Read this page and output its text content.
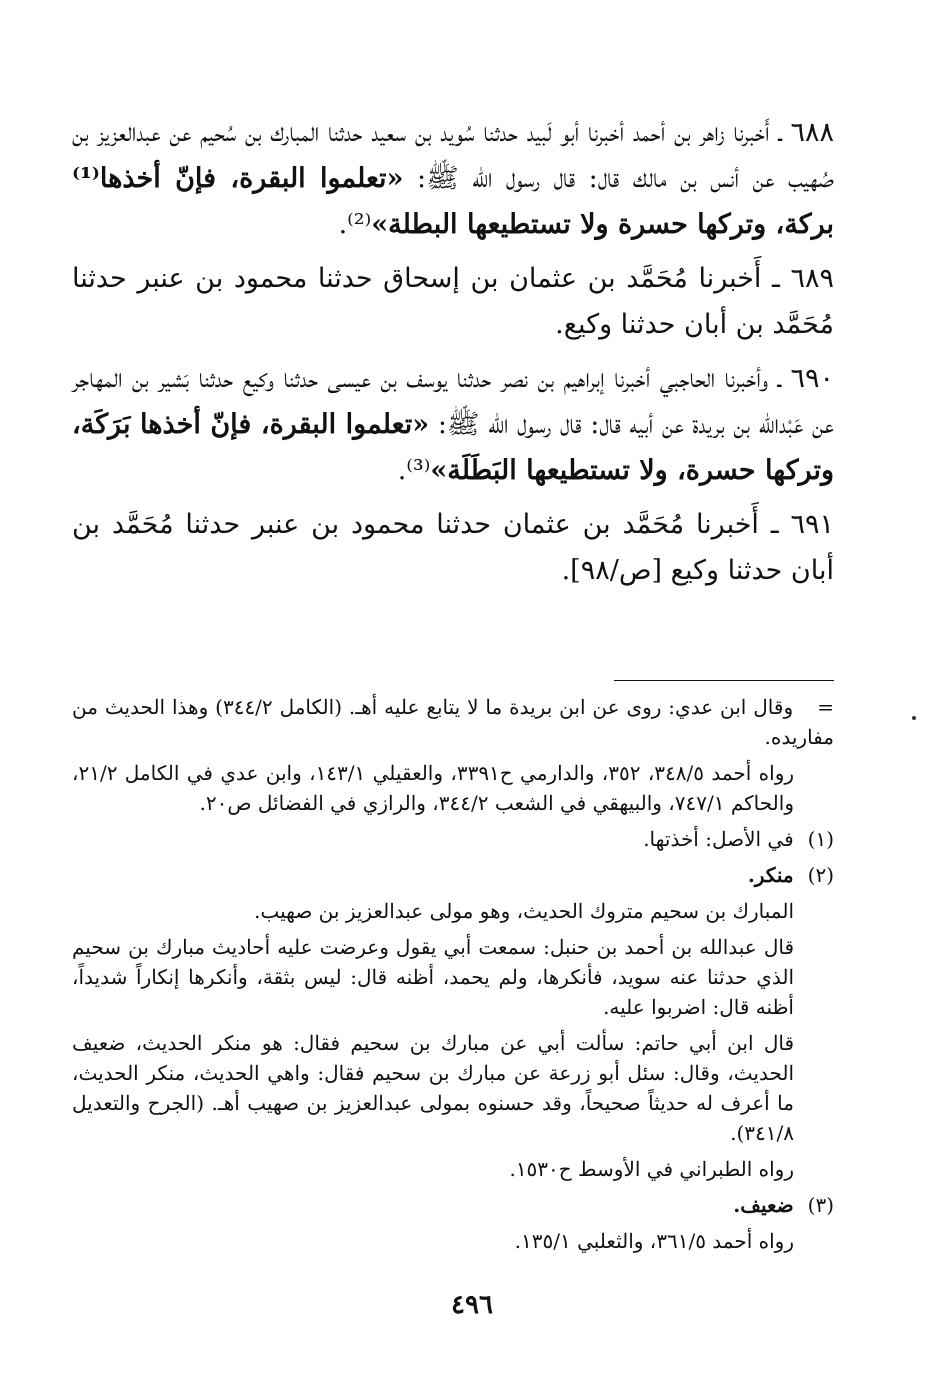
٦٨٨ ـ أَخبرنا زاهر بن أحمد أخبرنا أبو لَبيد حدثنا سُويد بن سعيد حدثنا المبارك بن سُحيم عن عبدالعزيز بن صُهيب عن أنس بن مالك قال: قال رسول اللّٰه ﷺ: «تعلموا البقرة، فإنّ أخذها⁽¹⁾ بركة، وتركها حسرة ولا تستطيعها البطلة»⁽²⁾.

٦٨٩ ـ أَخبرنا مُحَمَّد بن عثمان بن إسحاق حدثنا محمود بن عنبر حدثنا مُحَمَّد بن أبان حدثنا وكيع.

٦٩٠ ـ وأخبرنا الحاجبي أخبرنا إبراهيم بن نصر حدثنا يوسف بن عيسى حدثنا وكيع حدثنا بَشير بن المهاجر عن عَبْداللّٰه بن بريدة عن أبيه قال: قال رسول اللّٰه ﷺ: «تعلموا البقرة، فإنّ أخذها بَرَكَة، وتركها حسرة، ولا تستطيعها البَطَلَة»⁽³⁾.

٦٩١ ـ أَخبرنا مُحَمَّد بن عثمان حدثنا محمود بن عنبر حدثنا مُحَمَّد بن أبان حدثنا وكيع [ص/٩٨].

= وقال ابن عدي: روى عن ابن بريدة ما لا يتابع عليه أهـ. (الكامل ٣٤٤/٢) وهذا الحديث من مفاريده.

رواه أحمد ٣٤٨/٥، ٣٥٢، والدارمي ح٣٣٩١، والعقيلي ١٤٣/١، وابن عدي في الكامل ٢١/٢، والحاكم ٧٤٧/١، والبيهقي في الشعب ٣٤٤/٢، والرازي في الفضائل ص٢٠.

(١) في الأصل: أخذتها.

(٢) منكر.

المبارك بن سحيم متروك الحديث، وهو مولى عبدالعزيز بن صهيب.

قال عبدالله بن أحمد بن حنبل: سمعت أبي يقول وعرضت عليه أحاديث مبارك بن سحيم الذي حدثنا عنه سويد، فأنكرها، ولم يحمد، أظنه قال: ليس بثقة، وأنكرها إنكاراً شديداً، أظنه قال: اضربوا عليه.

قال ابن أبي حاتم: سألت أبي عن مبارك بن سحيم فقال: هو منكر الحديث، ضعيف الحديث، وقال: سئل أبو زرعة عن مبارك بن سحيم فقال: واهي الحديث، منكر الحديث، ما أعرف له حديثاً صحيحاً، وقد حسنوه بمولى عبدالعزيز بن صهيب أهـ. (الجرح والتعديل ٣٤١/٨).

رواه الطبراني في الأوسط ح١٥٣٠.

(٣) ضعيف.

رواه أحمد ٣٦١/٥، والثعلبي ١٣٥/١.

٤٩٦
